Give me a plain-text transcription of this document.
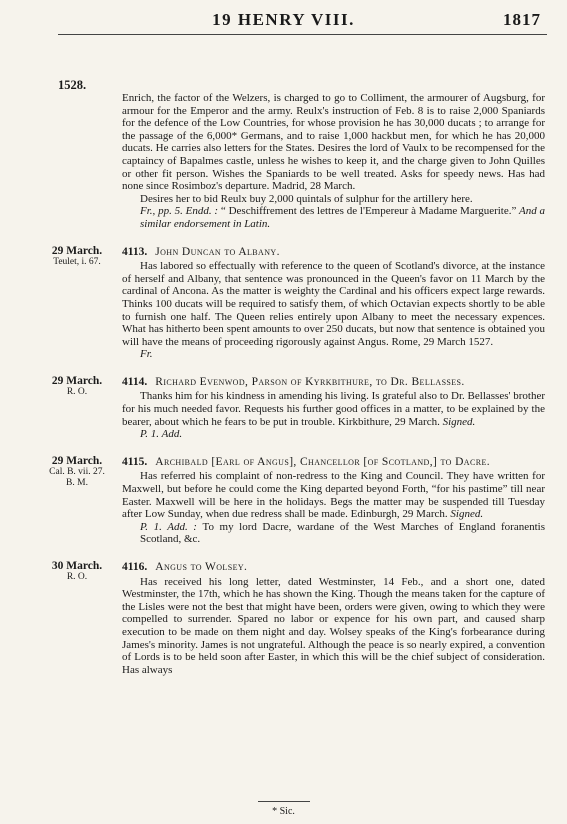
19 HENRY VIII.	1817
1528.

Enrich, the factor of the Welzers, is charged to go to Colliment, the armourer of Augsburg, for armour for the Emperor and the army. Reulx's instruction of Feb. 8 is to raise 2,000 Spaniards for the defence of the Low Countries, for whose provision he has 30,000 ducats ; to arrange for the passage of the 6,000* Germans, and to raise 1,000 hackbut men, for which he has 20,000 ducats. He carries also letters for the States. Desires the lord of Vaulx to be recompensed for the captaincy of Bapalmes castle, unless he wishes to keep it, and the charge given to John Quilles or other fit person. Wishes the Spaniards to be well treated. Asks for speedy news. Has had none since Rosimboz's departure. Madrid, 28 March.

Desires her to bid Reulx buy 2,000 quintals of sulphur for the artillery here.

Fr., pp. 5. Endd. : “ Deschiffrement des lettres de l'Empereur à Madame Marguerite.” And a similar endorsement in Latin.

29 March.
Teulet, i. 67.
4113. John Duncan to Albany.

Has labored so effectually with reference to the queen of Scotland's divorce, at the instance of herself and Albany, that sentence was pronounced in the Queen's favor on 11 March by the cardinal of Ancona. As the matter is weighty the Cardinal and his officers expect large rewards. Thinks 100 ducats will be required to satisfy them, of which Octavian expects shortly to be able to furnish one half. The Queen relies entirely upon Albany to meet the necessary expences. What has hitherto been spent amounts to over 250 ducats, but now that sentence is obtained you will have the means of proceeding rigorously against Angus. Rome, 29 March 1527.

Fr.

29 March.
R. O.
4114. Richard Evenwod, Parson of Kyrkbithure, to Dr. Bellasses.

Thanks him for his kindness in amending his living. Is grateful also to Dr. Bellasses' brother for his much needed favor. Requests his further good offices in a matter, to be explained by the bearer, about which he fears to be put in trouble. Kirkbithure, 29 March. Signed.

P. 1. Add.

29 March.
Cal. B. vii. 27.
B. M.
4115. Archibald [Earl of Angus], Chancellor [of Scotland,] to Dacre.

Has referred his complaint of non-redress to the King and Council. They have written for Maxwell, but before he could come the King departed beyond Forth, “for his pastime” till near Easter. Maxwell will be here in the holidays. Begs the matter may be suspended till Tuesday after Low Sunday, when due redress shall be made. Edinburgh, 29 March. Signed.

P. 1. Add. : To my lord Dacre, wardane of the West Marches of England foranentis Scotland, &c.

30 March.
R. O.
4116. Angus to Wolsey.

Has received his long letter, dated Westminster, 14 Feb., and a short one, dated Westminster, the 17th, which he has shown the King. Though the means taken for the capture of the Lisles were not the best that might have been, orders were given, owing to which they were compelled to surrender. Spared no labor or expence for his own part, and caused sharp execution to be made on them night and day. Wolsey speaks of the King's forbearance during James's minority. James is not ungrateful. Although the peace is so nearly expired, a convention of Lords is to be held soon after Easter, in which this will be the chief subject of consideration. Has always

* Sic.
